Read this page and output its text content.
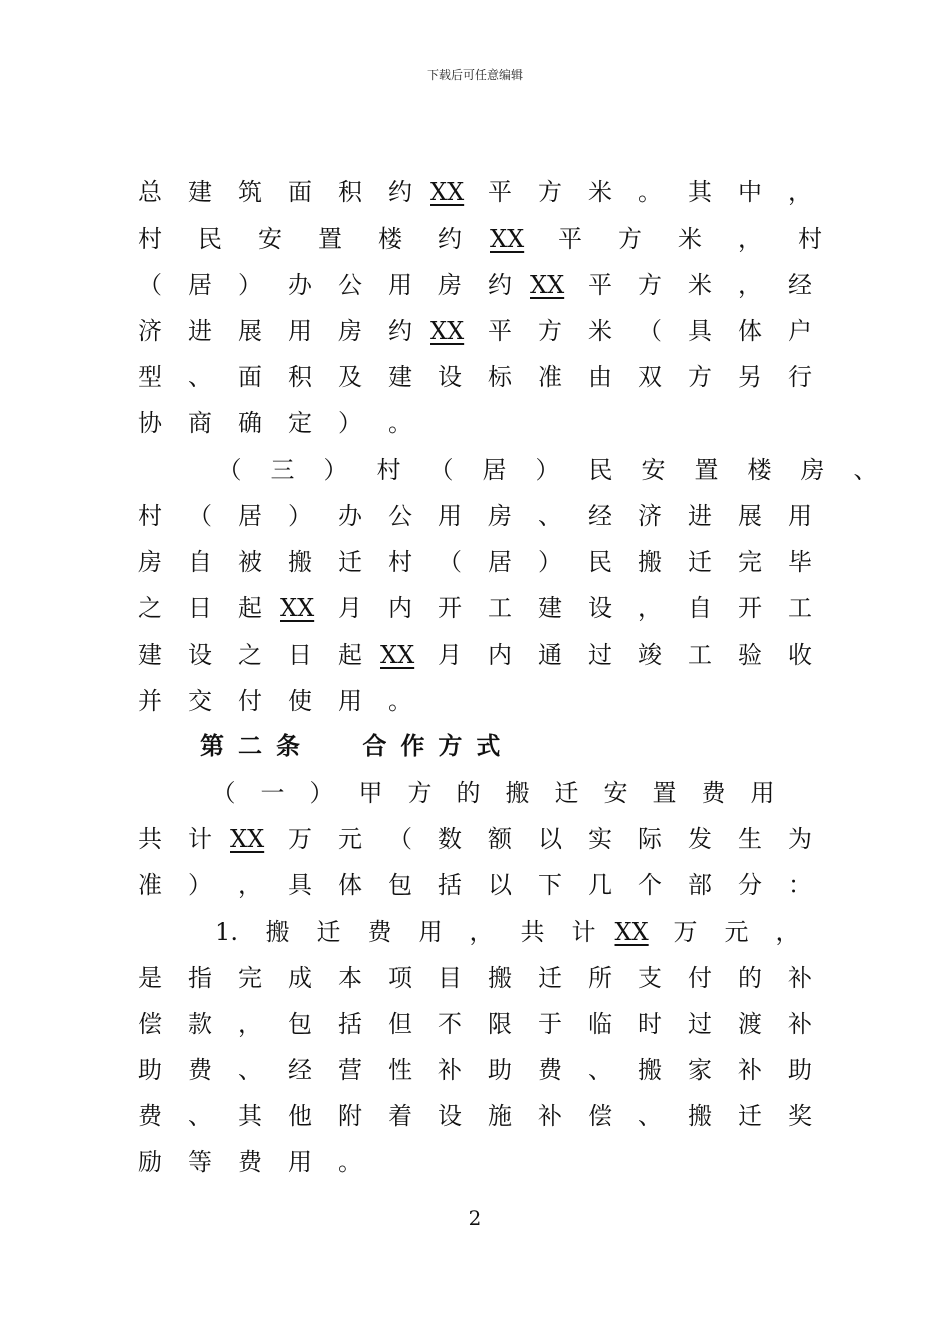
下载后可任意编辑
总	建	筑	面	积	约 XX 平	方	米	。	其	中	，
村	民	安	置	楼	约	XX	平	方	米	，	村
（	居	）	办	公	用	房	约 XX 平	方	米	，	经
济	进	展	用	房	约 XX 平	方	米	（	具	体	户
型	、	面	积	及	建	设	标	准	由	双	方	另	行
协	商	确	定	）	。
（	三	）	村	（	居	）	民	安	置	楼	房	、
村	（	居	）	办	公	用	房	、	经	济	进	展	用
房	自	被	搬	迁	村	（	居	）	民	搬	迁	完	毕
之	日	起 XX 月	内	开	工	建	设	，	自	开	工
建	设	之	日	起 XX 月	内	通	过	竣	工	验	收
并	交	付	使	用	。
（	一	）	甲	方	的	搬	迁	安	置	费	用
共	计 XX 万	元	（	数	额	以	实	际	发	生	为
准	）	，	具	体	包	括	以	下	几	个	部	分	：
1.	搬	迁	费	用	，	共	计 XX	万	元	，
是	指	完	成	本	项	目	搬	迁	所	支	付	的	补
偿	款	，	包	括	但	不	限	于	临	时	过	渡	补
助	费	、	经	营	性	补	助	费	、	搬	家	补	助
费	、	其	他	附	着	设	施	补	偿	、	搬	迁	奖
励	等	费	用	。
第二条 合作方式
2
